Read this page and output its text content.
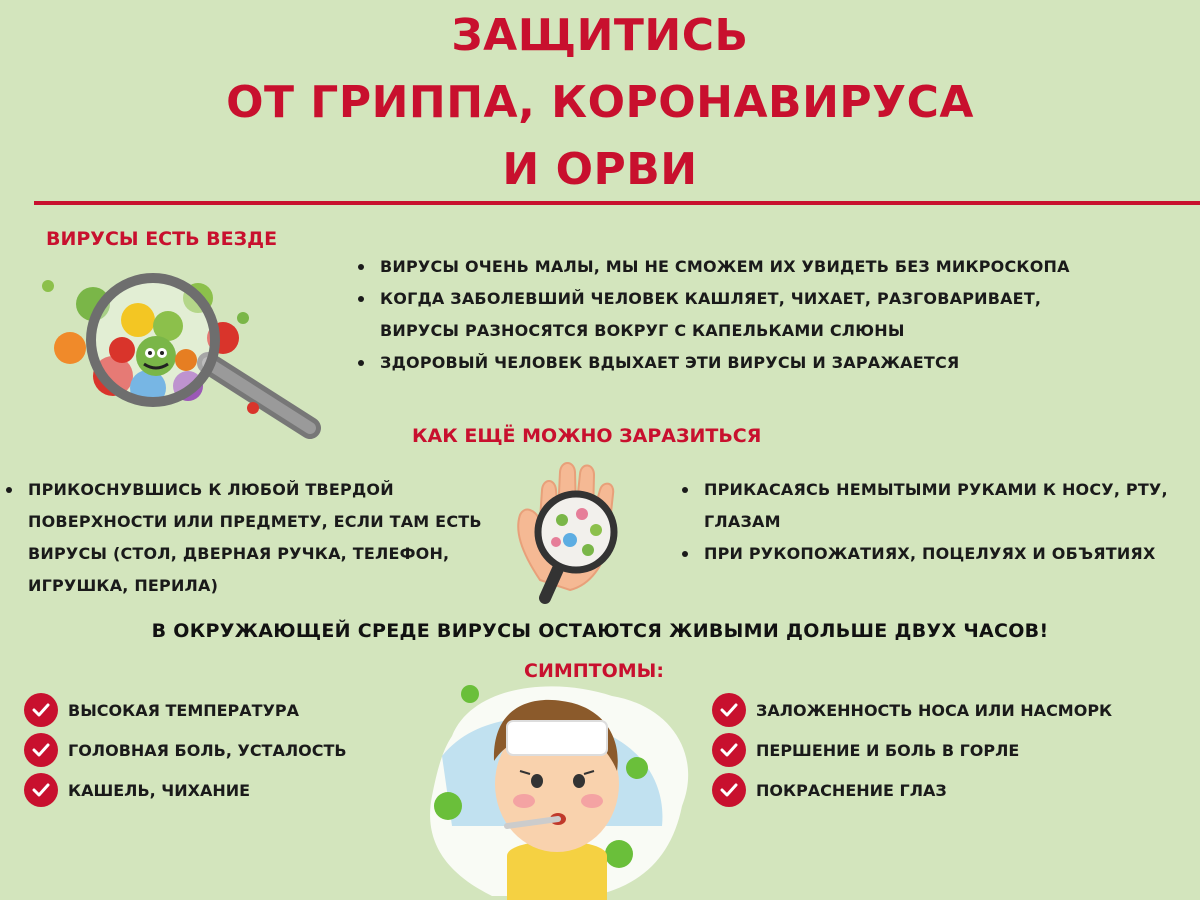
ЗАЩИТИСЬ
ОТ ГРИППА, КОРОНАВИРУСА
И ОРВИ
ВИРУСЫ ЕСТЬ ВЕЗДЕ
ВИРУСЫ ОЧЕНЬ МАЛЫ, МЫ НЕ СМОЖЕМ ИХ УВИДЕТЬ БЕЗ МИКРОСКОПА
КОГДА ЗАБОЛЕВШИЙ ЧЕЛОВЕК КАШЛЯЕТ, ЧИХАЕТ, РАЗГОВАРИВАЕТ, ВИРУСЫ РАЗНОСЯТСЯ ВОКРУГ С КАПЕЛЬКАМИ СЛЮНЫ
ЗДОРОВЫЙ ЧЕЛОВЕК ВДЫХАЕТ ЭТИ ВИРУСЫ И ЗАРАЖАЕТСЯ
КАК ЕЩЁ МОЖНО ЗАРАЗИТЬСЯ
ПРИКОСНУВШИСЬ К ЛЮБОЙ ТВЕРДОЙ ПОВЕРХНОСТИ ИЛИ ПРЕДМЕТУ, ЕСЛИ ТАМ ЕСТЬ ВИРУСЫ (СТОЛ, ДВЕРНАЯ РУЧКА, ТЕЛЕФОН, ИГРУШКА, ПЕРИЛА)
ПРИКАСАЯСЬ НЕМЫТЫМИ РУКАМИ К НОСУ, РТУ, ГЛАЗАМ
ПРИ РУКОПОЖАТИЯХ, ПОЦЕЛУЯХ И ОБЪЯТИЯХ
В ОКРУЖАЮЩЕЙ СРЕДЕ ВИРУСЫ ОСТАЮТСЯ ЖИВЫМИ ДОЛЬШЕ ДВУХ ЧАСОВ!
СИМПТОМЫ:
ВЫСОКАЯ ТЕМПЕРАТУРА
ГОЛОВНАЯ БОЛЬ, УСТАЛОСТЬ
КАШЕЛЬ, ЧИХАНИЕ
ЗАЛОЖЕННОСТЬ НОСА ИЛИ НАСМОРК
ПЕРШЕНИЕ И БОЛЬ В ГОРЛЕ
ПОКРАСНЕНИЕ ГЛАЗ
